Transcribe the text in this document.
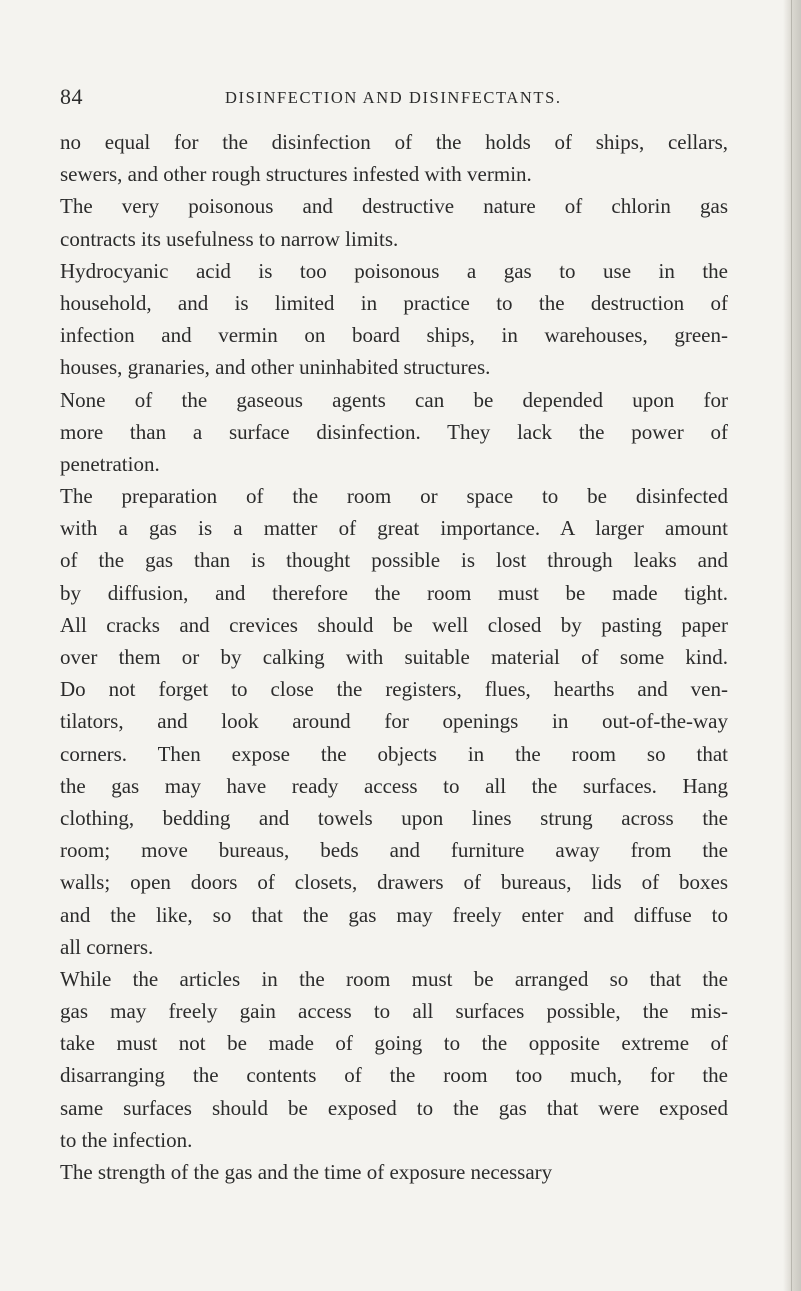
84	DISINFECTION AND DISINFECTANTS.
no equal for the disinfection of the holds of ships, cellars,
sewers, and other rough structures infested with vermin.
The very poisonous and destructive nature of chlorin gas
contracts its usefulness to narrow limits.
Hydrocyanic acid is too poisonous a gas to use in the
household, and is limited in practice to the destruction of
infection and vermin on board ships, in warehouses, green-
houses, granaries, and other uninhabited structures.
None of the gaseous agents can be depended upon for
more than a surface disinfection. They lack the power of
penetration.
The preparation of the room or space to be disinfected
with a gas is a matter of great importance. A larger amount
of the gas than is thought possible is lost through leaks and
by diffusion, and therefore the room must be made tight.
All cracks and crevices should be well closed by pasting paper
over them or by calking with suitable material of some kind.
Do not forget to close the registers, flues, hearths and ven-
tilators, and look around for openings in out-of-the-way
corners. Then expose the objects in the room so that
the gas may have ready access to all the surfaces. Hang
clothing, bedding and towels upon lines strung across the
room; move bureaus, beds and furniture away from the
walls; open doors of closets, drawers of bureaus, lids of boxes
and the like, so that the gas may freely enter and diffuse to
all corners.
While the articles in the room must be arranged so that the
gas may freely gain access to all surfaces possible, the mis-
take must not be made of going to the opposite extreme of
disarranging the contents of the room too much, for the
same surfaces should be exposed to the gas that were exposed
to the infection.
The strength of the gas and the time of exposure necessary
